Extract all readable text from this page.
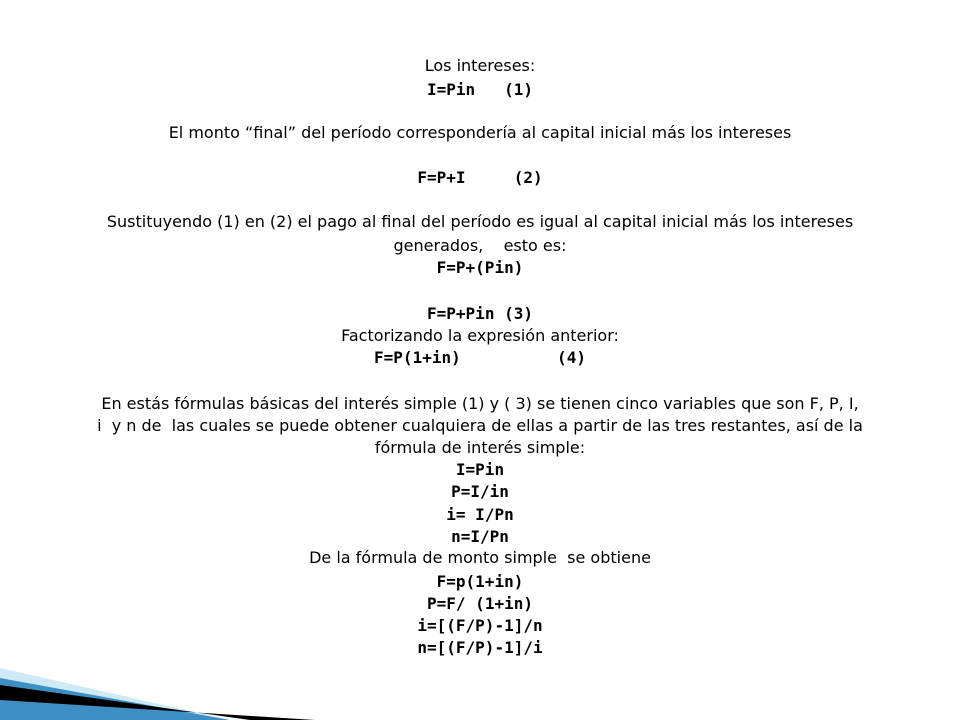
Los intereses:
I=Pin   (1)
El monto “final” del período correspondería al capital inicial más los intereses
F=P+I     (2)
Sustituyendo (1) en (2) el pago al final del período es igual al capital inicial más los intereses
generados,    esto es:
F=P+(Pin)
F=P+Pin (3)
Factorizando la expresión anterior:
F=P(1+in)          (4)
En estás fórmulas básicas del interés simple (1) y ( 3) se tienen cinco variables que son F, P, I,
i  y n de  las cuales se puede obtener cualquiera de ellas a partir de las tres restantes, así de la
fórmula de interés simple:
I=Pin
P=I/in
i= I/Pn
n=I/Pn
De la fórmula de monto simple  se obtiene
F=p(1+in)
P=F/ (1+in)
i=[(F/P)-1]/n
n=[(F/P)-1]/i
